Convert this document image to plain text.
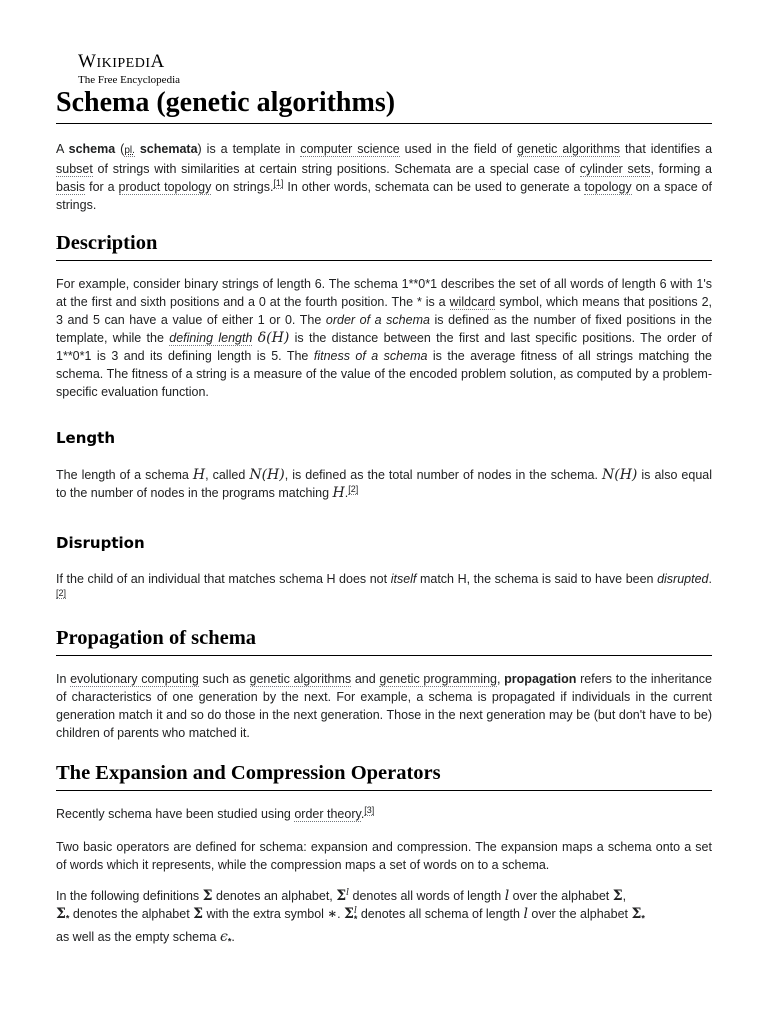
WIKIPEDIA
The Free Encyclopedia
Schema (genetic algorithms)

A schema (pl. schemata) is a template in computer science used in the field of genetic algorithms that identifies a subset of strings with similarities at certain string positions. Schemata are a special case of cylinder sets, forming a basis for a product topology on strings.[1] In other words, schemata can be used to generate a topology on a space of strings.

Description

For example, consider binary strings of length 6. The schema 1**0*1 describes the set of all words of length 6 with 1's at the first and sixth positions and a 0 at the fourth position. The * is a wildcard symbol, which means that positions 2, 3 and 5 can have a value of either 1 or 0. The order of a schema is defined as the number of fixed positions in the template, while the defining length δ(H) is the distance between the first and last specific positions. The order of 1**0*1 is 3 and its defining length is 5. The fitness of a schema is the average fitness of all strings matching the schema. The fitness of a string is a measure of the value of the encoded problem solution, as computed by a problem-specific evaluation function.

Length

The length of a schema H, called N(H), is defined as the total number of nodes in the schema. N(H) is also equal to the number of nodes in the programs matching H.[2]

Disruption

If the child of an individual that matches schema H does not itself match H, the schema is said to have been disrupted.[2]

Propagation of schema

In evolutionary computing such as genetic algorithms and genetic programming, propagation refers to the inheritance of characteristics of one generation by the next. For example, a schema is propagated if individuals in the current generation match it and so do those in the next generation. Those in the next generation may be (but don't have to be) children of parents who matched it.

The Expansion and Compression Operators

Recently schema have been studied using order theory.[3]

Two basic operators are defined for schema: expansion and compression. The expansion maps a schema onto a set of words which it represents, while the compression maps a set of words on to a schema.

In the following definitions Σ denotes an alphabet, $\Sigma^l$ denotes all words of length l over the alphabet Σ,
$\Sigma_*$ denotes the alphabet Σ with the extra symbol ∗. $\Sigma^l_*$ denotes all schema of length l over the alphabet $\Sigma_*$
as well as the empty schema $\epsilon_*$.
